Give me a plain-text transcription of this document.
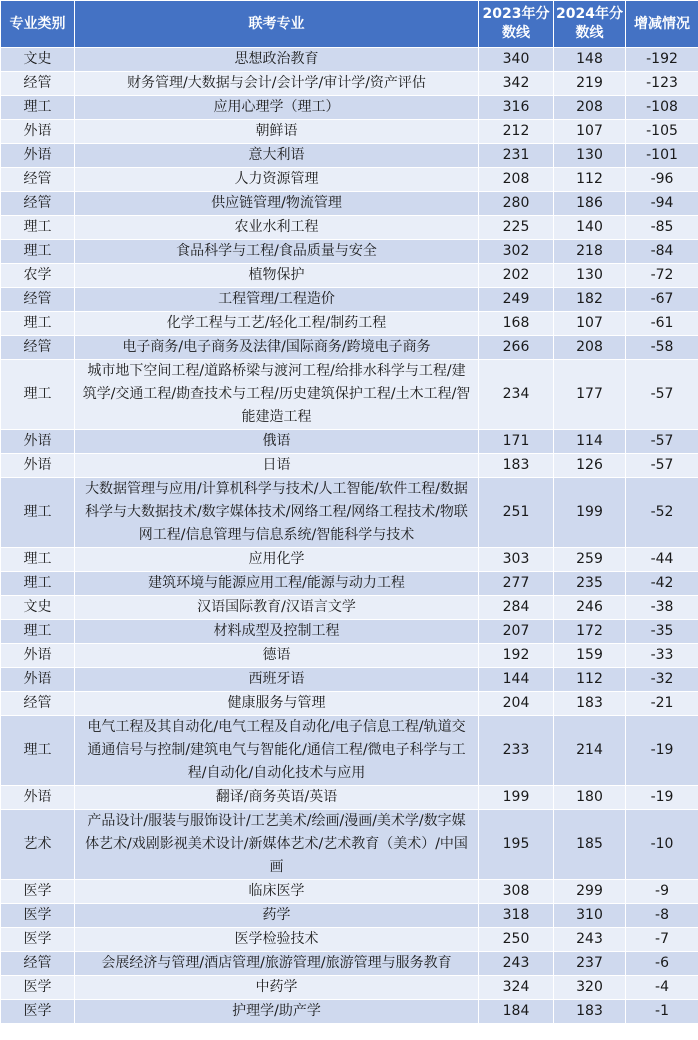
专业类别	联考专业	2023年分数线	2024年分数线	增减情况
文史	思想政治教育	340	148	-192
经管	财务管理/大数据与会计/会计学/审计学/资产评估	342	219	-123
理工	应用心理学（理工）	316	208	-108
外语	朝鲜语	212	107	-105
外语	意大利语	231	130	-101
经管	人力资源管理	208	112	-96
经管	供应链管理/物流管理	280	186	-94
理工	农业水利工程	225	140	-85
理工	食品科学与工程/食品质量与安全	302	218	-84
农学	植物保护	202	130	-72
经管	工程管理/工程造价	249	182	-67
理工	化学工程与工艺/轻化工程/制药工程	168	107	-61
经管	电子商务/电子商务及法律/国际商务/跨境电子商务	266	208	-58
理工	城市地下空间工程/道路桥梁与渡河工程/给排水科学与工程/建筑学/交通工程/勘查技术与工程/历史建筑保护工程/土木工程/智能建造工程	234	177	-57
外语	俄语	171	114	-57
外语	日语	183	126	-57
理工	大数据管理与应用/计算机科学与技术/人工智能/软件工程/数据科学与大数据技术/数字媒体技术/网络工程/网络工程技术/物联网工程/信息管理与信息系统/智能科学与技术	251	199	-52
理工	应用化学	303	259	-44
理工	建筑环境与能源应用工程/能源与动力工程	277	235	-42
文史	汉语国际教育/汉语言文学	284	246	-38
理工	材料成型及控制工程	207	172	-35
外语	德语	192	159	-33
外语	西班牙语	144	112	-32
经管	健康服务与管理	204	183	-21
理工	电气工程及其自动化/电气工程及自动化/电子信息工程/轨道交通通信号与控制/建筑电气与智能化/通信工程/微电子科学与工程/自动化/自动化技术与应用	233	214	-19
外语	翻译/商务英语/英语	199	180	-19
艺术	产品设计/服装与服饰设计/工艺美术/绘画/漫画/美术学/数字媒体艺术/戏剧影视美术设计/新媒体艺术/艺术教育（美术）/中国画	195	185	-10
医学	临床医学	308	299	-9
医学	药学	318	310	-8
医学	医学检验技术	250	243	-7
经管	会展经济与管理/酒店管理/旅游管理/旅游管理与服务教育	243	237	-6
医学	中药学	324	320	-4
医学	护理学/助产学	184	183	-1
